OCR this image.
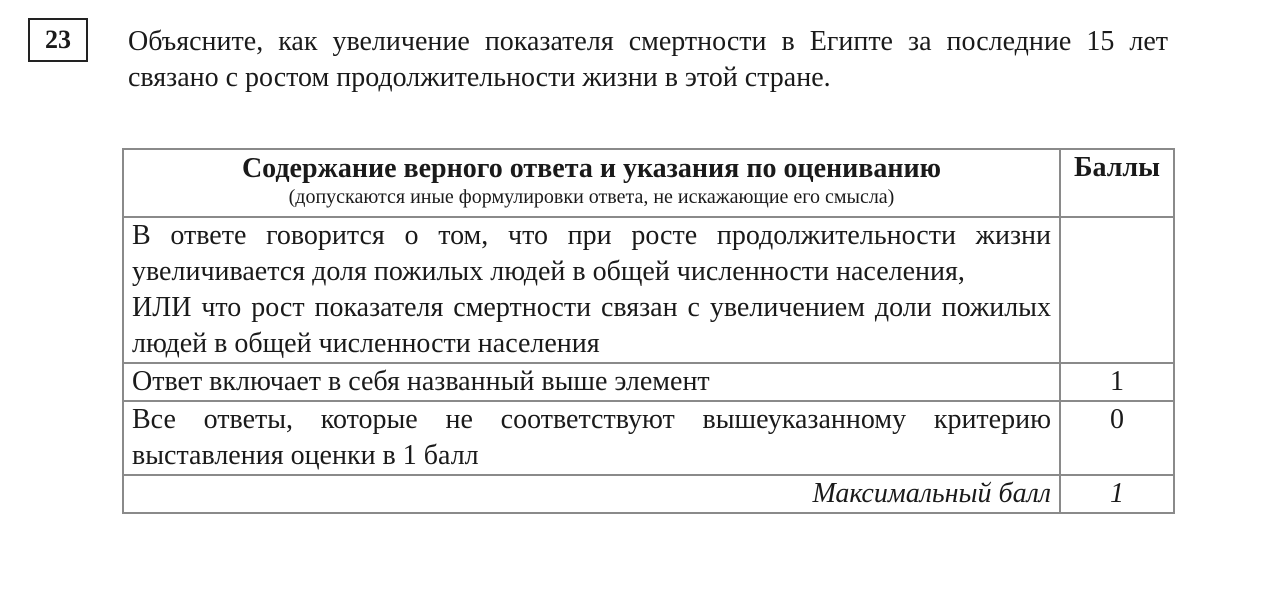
23 Объясните, как увеличение показателя смертности в Египте за последние 15 лет связано с ростом продолжительности жизни в этой стране.

Содержание верного ответа и указания по оцениванию
(допускаются иные формулировки ответа, не искажающие его смысла)	Баллы

В ответе говорится о том, что при росте продолжительности жизни увеличивается доля пожилых людей в общей численности населения,
ИЛИ что рост показателя смертности связан с увеличением доли пожилых людей в общей численности населения	

Ответ включает в себя названный выше элемент	1
Все ответы, которые не соответствуют вышеуказанному критерию выставления оценки в 1 балл	0
Максимальный балл	1
